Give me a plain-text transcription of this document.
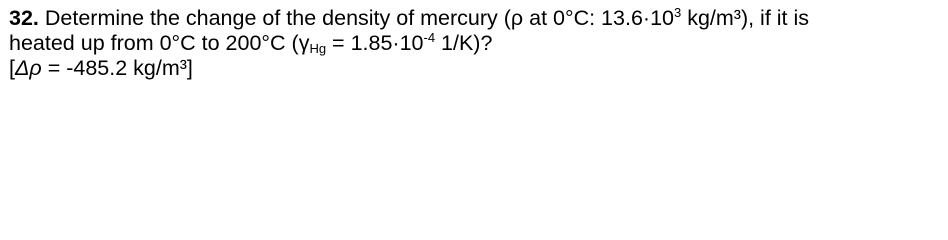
32. Determine the change of the density of mercury (ρ at 0°C: $13.6\cdot 10^3$ kg/m³), if it is
heated up from 0°C to 200°C ($\gamma_{Hg} = 1.85\cdot 10^{-4}$ 1/K)?
[Δρ = -485.2 kg/m³]
